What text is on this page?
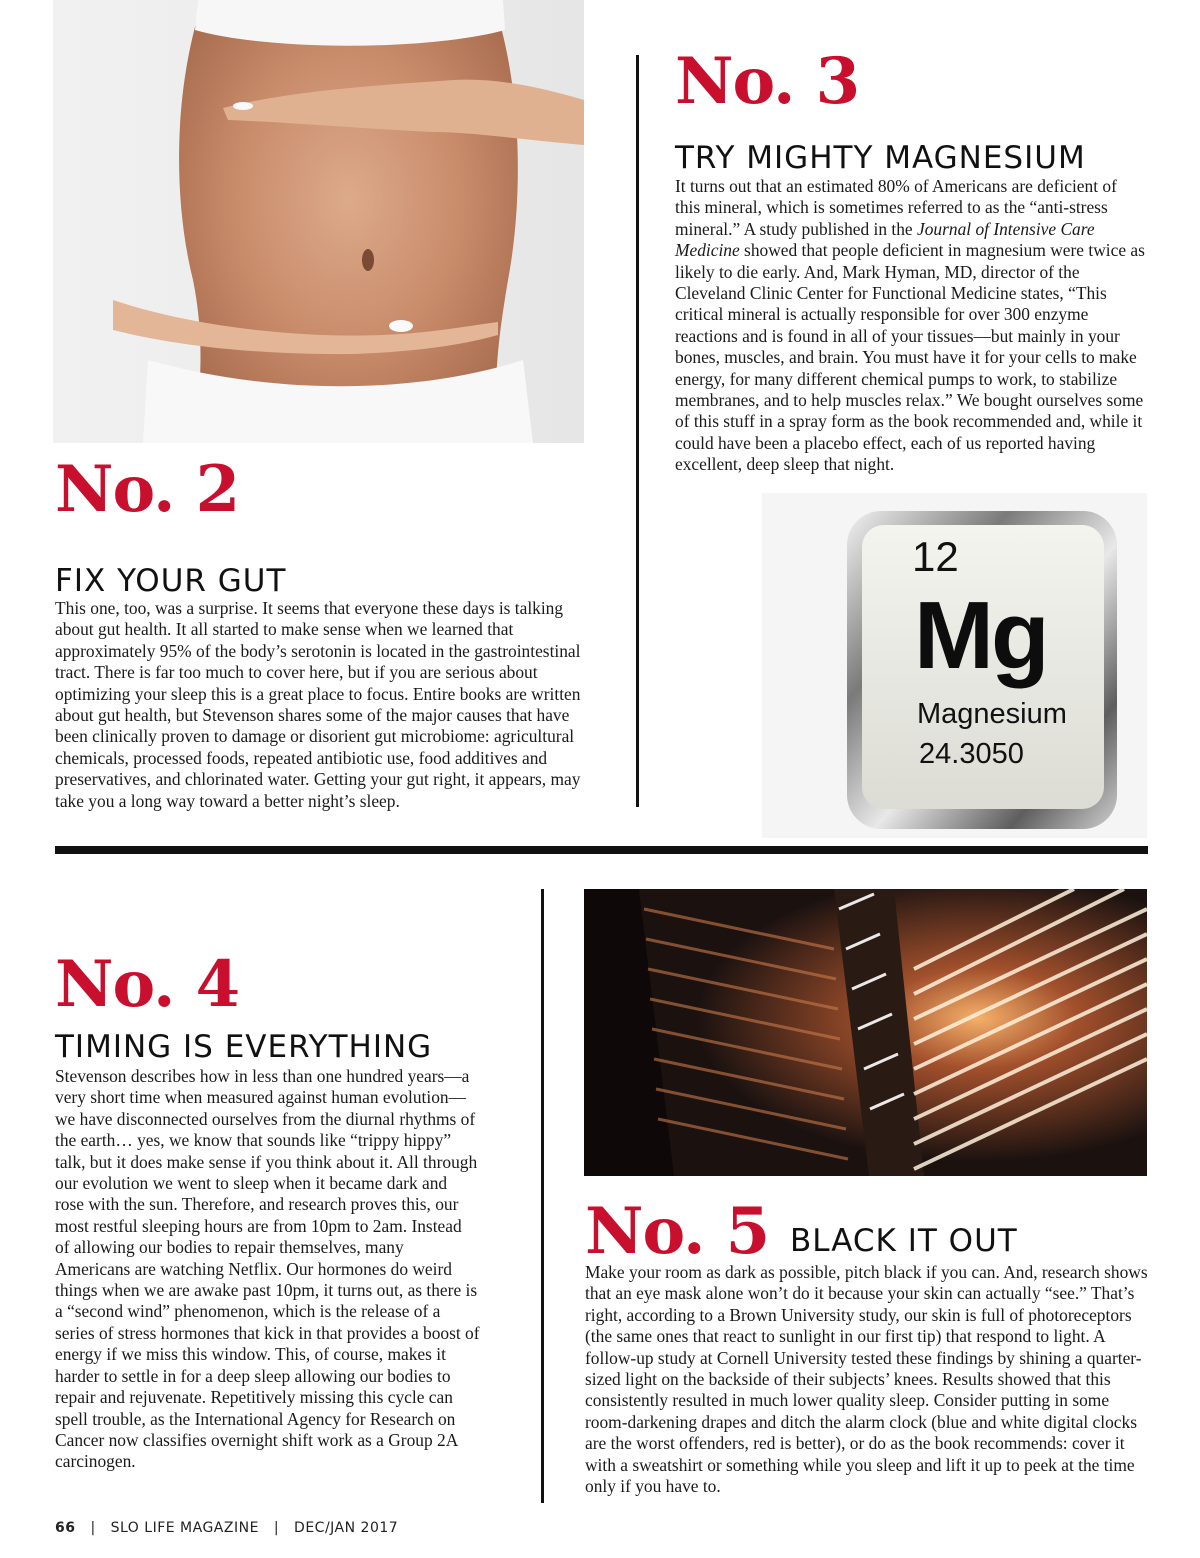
No. 2
FIX YOUR GUT

This one, too, was a surprise. It seems that everyone these days is talking about gut health. It all started to make sense when we learned that approximately 95% of the body’s serotonin is located in the gastrointestinal tract. There is far too much to cover here, but if you are serious about optimizing your sleep this is a great place to focus. Entire books are written about gut health, but Stevenson shares some of the major causes that have been clinically proven to damage or disorient gut microbiome: agricultural chemicals, processed foods, repeated antibiotic use, food additives and preservatives, and chlorinated water. Getting your gut right, it appears, may take you a long way toward a better night’s sleep.

No. 3
TRY MIGHTY MAGNESIUM

It turns out that an estimated 80% of Americans are deficient of this mineral, which is sometimes referred to as the “anti-stress mineral.” A study published in the Journal of Intensive Care Medicine showed that people deficient in magnesium were twice as likely to die early. And, Mark Hyman, MD, director of the Cleveland Clinic Center for Functional Medicine states, “This critical mineral is actually responsible for over 300 enzyme reactions and is found in all of your tissues—but mainly in your bones, muscles, and brain. You must have it for your cells to make energy, for many different chemical pumps to work, to stabilize membranes, and to help muscles relax.” We bought ourselves some of this stuff in a spray form as the book recommended and, while it could have been a placebo effect, each of us reported having excellent, deep sleep that night.

12
Mg
Magnesium
24.3050
No. 4
TIMING IS EVERYTHING

Stevenson describes how in less than one hundred years—a very short time when measured against human evolution—we have disconnected ourselves from the diurnal rhythms of the earth… yes, we know that sounds like “trippy hippy” talk, but it does make sense if you think about it. All through our evolution we went to sleep when it became dark and rose with the sun. Therefore, and research proves this, our most restful sleeping hours are from 10pm to 2am. Instead of allowing our bodies to repair themselves, many Americans are watching Netflix. Our hormones do weird things when we are awake past 10pm, it turns out, as there is a “second wind” phenomenon, which is the release of a series of stress hormones that kick in that provides a boost of energy if we miss this window. This, of course, makes it harder to settle in for a deep sleep allowing our bodies to repair and rejuvenate. Repetitively missing this cycle can spell trouble, as the International Agency for Research on Cancer now classifies overnight shift work as a Group 2A carcinogen.

No. 5 BLACK IT OUT

Make your room as dark as possible, pitch black if you can. And, research shows that an eye mask alone won’t do it because your skin can actually “see.” That’s right, according to a Brown University study, our skin is full of photoreceptors (the same ones that react to sunlight in our first tip) that respond to light. A follow-up study at Cornell University tested these findings by shining a quarter-sized light on the backside of their subjects’ knees. Results showed that this consistently resulted in much lower quality sleep. Consider putting in some room-darkening drapes and ditch the alarm clock (blue and white digital clocks are the worst offenders, red is better), or do as the book recommends: cover it with a sweatshirt or something while you sleep and lift it up to peek at the time only if you have to.

66 | SLO LIFE MAGAZINE | DEC/JAN 2017
